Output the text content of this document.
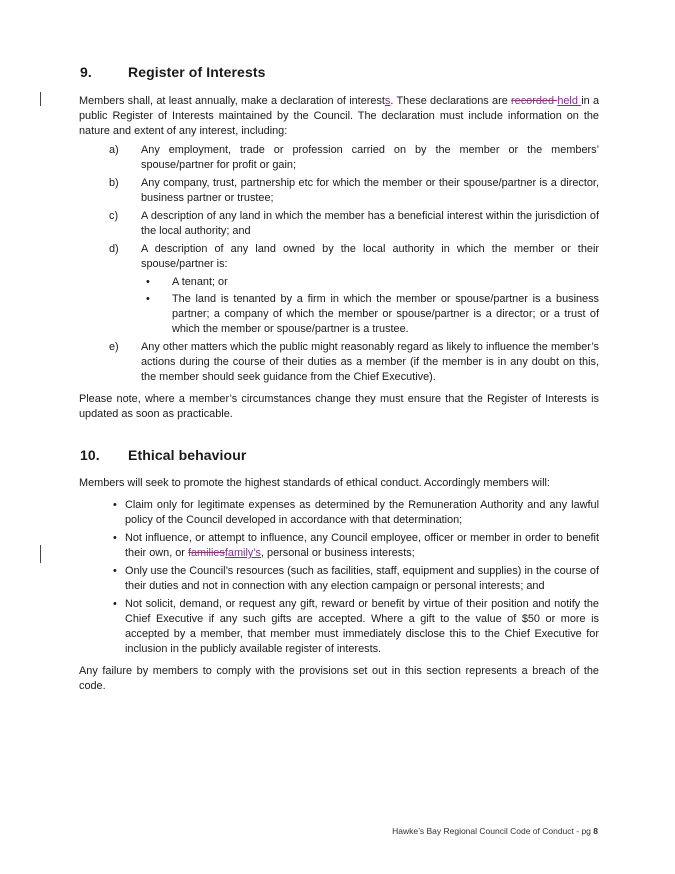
9.	Register of Interests
Members shall, at least annually, make a declaration of interests. These declarations are recorded held in a public Register of Interests maintained by the Council. The declaration must include information on the nature and extent of any interest, including:
a) Any employment, trade or profession carried on by the member or the members’ spouse/partner for profit or gain;
b) Any company, trust, partnership etc for which the member or their spouse/partner is a director, business partner or trustee;
c) A description of any land in which the member has a beneficial interest within the jurisdiction of the local authority; and
d) A description of any land owned by the local authority in which the member or their spouse/partner is:
• A tenant; or
• The land is tenanted by a firm in which the member or spouse/partner is a business partner; a company of which the member or spouse/partner is a director; or a trust of which the member or spouse/partner is a trustee.
e) Any other matters which the public might reasonably regard as likely to influence the member’s actions during the course of their duties as a member (if the member is in any doubt on this, the member should seek guidance from the Chief Executive).
Please note, where a member’s circumstances change they must ensure that the Register of Interests is updated as soon as practicable.
10. Ethical behaviour
Members will seek to promote the highest standards of ethical conduct. Accordingly members will:
• Claim only for legitimate expenses as determined by the Remuneration Authority and any lawful policy of the Council developed in accordance with that determination;
• Not influence, or attempt to influence, any Council employee, officer or member in order to benefit their own, or familiesfamily’s, personal or business interests;
• Only use the Council’s resources (such as facilities, staff, equipment and supplies) in the course of their duties and not in connection with any election campaign or personal interests; and
• Not solicit, demand, or request any gift, reward or benefit by virtue of their position and notify the Chief Executive if any such gifts are accepted. Where a gift to the value of $50 or more is accepted by a member, that member must immediately disclose this to the Chief Executive for inclusion in the publicly available register of interests.
Any failure by members to comply with the provisions set out in this section represents a breach of the code.
Hawke’s Bay Regional Council Code of Conduct - pg 8
